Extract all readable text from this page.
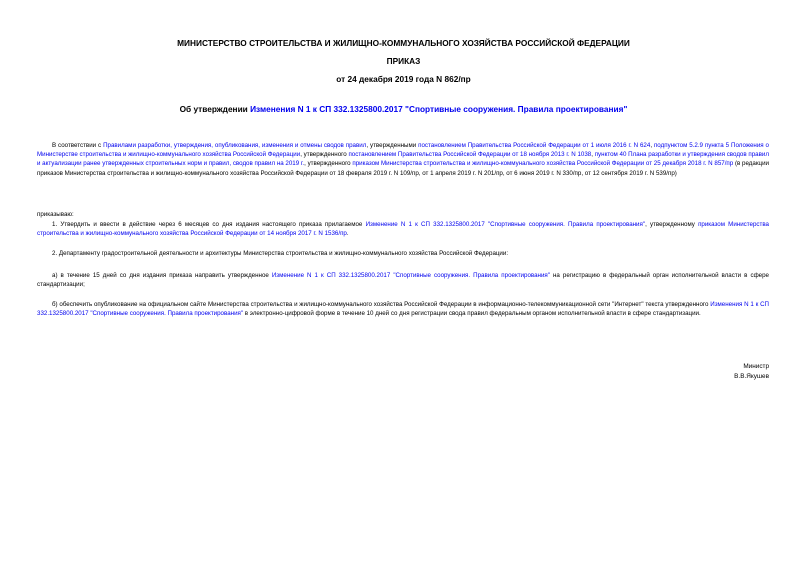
МИНИСТЕРСТВО СТРОИТЕЛЬСТВА И ЖИЛИЩНО-КОММУНАЛЬНОГО ХОЗЯЙСТВА РОССИЙСКОЙ ФЕДЕРАЦИИ
ПРИКАЗ
от 24 декабря 2019 года N 862/пр
Об утверждении Изменения N 1 к СП 332.1325800.2017 "Спортивные сооружения. Правила проектирования"
В соответствии с Правилами разработки, утверждения, опубликования, изменения и отмены сводов правил, утвержденными постановлением Правительства Российской Федерации от 1 июля 2016 г. N 624, подпунктом 5.2.9 пункта 5 Положения о Министерстве строительства и жилищно-коммунального хозяйства Российской Федерации, утвержденного постановлением Правительства Российской Федерации от 18 ноября 2013 г. N 1038, пунктом 40 Плана разработки и утверждения сводов правил и актуализации ранее утвержденных строительных норм и правил, сводов правил на 2019 г., утвержденного приказом Министерства строительства и жилищно-коммунального хозяйства Российской Федерации от 25 декабря 2018 г. N 857/пр (в редакции приказов Министерства строительства и жилищно-коммунального хозяйства Российской Федерации от 18 февраля 2019 г. N 109/пр, от 1 апреля 2019 г. N 201/пр, от 6 июня 2019 г. N 330/пр, от 12 сентября 2019 г. N 539/пр)
приказываю:
1. Утвердить и ввести в действие через 6 месяцев со дня издания настоящего приказа прилагаемое Изменение N 1 к СП 332.1325800.2017 "Спортивные сооружения. Правила проектирования", утвержденному приказом Министерства строительства и жилищно-коммунального хозяйства Российской Федерации от 14 ноября 2017 г. N 1536/пр.
2. Департаменту градостроительной деятельности и архитектуры Министерства строительства и жилищно-коммунального хозяйства Российской Федерации:
а) в течение 15 дней со дня издания приказа направить утвержденное Изменение N 1 к СП 332.1325800.2017 "Спортивные сооружения. Правила проектирования" на регистрацию в федеральный орган исполнительной власти в сфере стандартизации;
б) обеспечить опубликование на официальном сайте Министерства строительства и жилищно-коммунального хозяйства Российской Федерации в информационно-телекоммуникационной сети "Интернет" текста утвержденного Изменения N 1 к СП 332.1325800.2017 "Спортивные сооружения. Правила проектирования" в электронно-цифровой форме в течение 10 дней со дня регистрации свода правил федеральным органом исполнительной власти в сфере стандартизации.
Министр
В.В.Якушев
